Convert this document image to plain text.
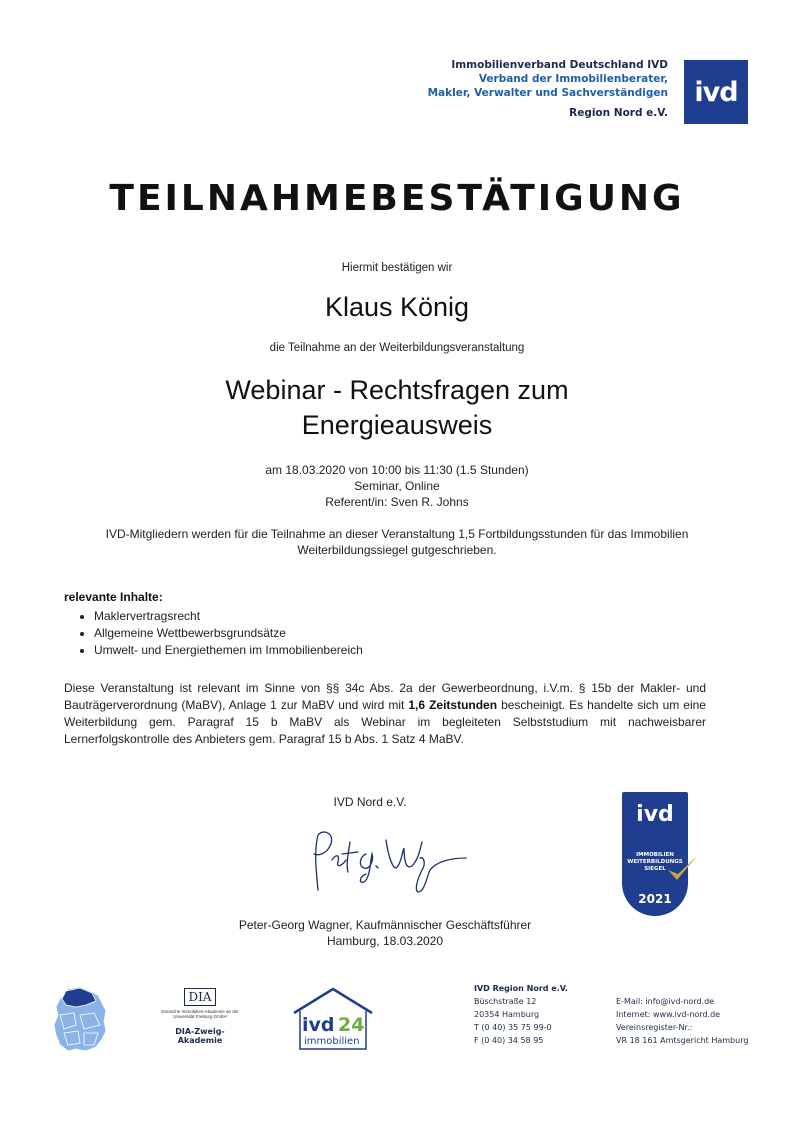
Immobilienverband Deutschland IVD
Verband der Immobilienberater,
Makler, Verwalter und Sachverständigen
Region Nord e.V.
ivd
TEILNAHMEBESTÄTIGUNG
Hiermit bestätigen wir
Klaus König
die Teilnahme an der Weiterbildungsveranstaltung
Webinar - Rechtsfragen zum
Energieausweis
am 18.03.2020 von 10:00 bis 11:30 (1.5 Stunden)
Seminar, Online
Referent/in: Sven R. Johns
IVD-Mitgliedern werden für die Teilnahme an dieser Veranstaltung 1,5 Fortbildungsstunden für das Immobilien
Weiterbildungssiegel gutgeschrieben.
relevante Inhalte:
• Maklervertragsrecht
• Allgemeine Wettbewerbsgrundsätze
• Umwelt- und Energiethemen im Immobilienbereich
Diese Veranstaltung ist relevant im Sinne von §§ 34c Abs. 2a der Gewerbeordnung, i.V.m. § 15b der Makler- und Bauträgerverordnung (MaBV), Anlage 1 zur MaBV und wird mit 1,6 Zeitstunden bescheinigt. Es handelte sich um eine Weiterbildung gem. Paragraf 15 b MaBV als Webinar im begleiteten Selbststudium mit nachweisbarer Lernerfolgskontrolle des Anbieters gem. Paragraf 15 b Abs. 1 Satz 4 MaBV.
IVD Nord e.V.
Peter-Georg Wagner, Kaufmännischer Geschäftsführer
Hamburg, 18.03.2020
ivd
IMMOBILIEN
WEITERBILDUNGS
SIEGEL
2021
DIA
Deutsche Immobilien-Akademie an der Universität Freiburg GmbH
DIA-Zweig-Akademie
ivd 24
immobilien
IVD Region Nord e.V.
Büschstraße 12
20354 Hamburg
T (0 40) 35 75 99-0
F (0 40) 34 58 95
E-Mail: info@ivd-nord.de
Internet: www.ivd-nord.de
Vereinsregister-Nr.:
VR 18 161 Amtsgericht Hamburg
